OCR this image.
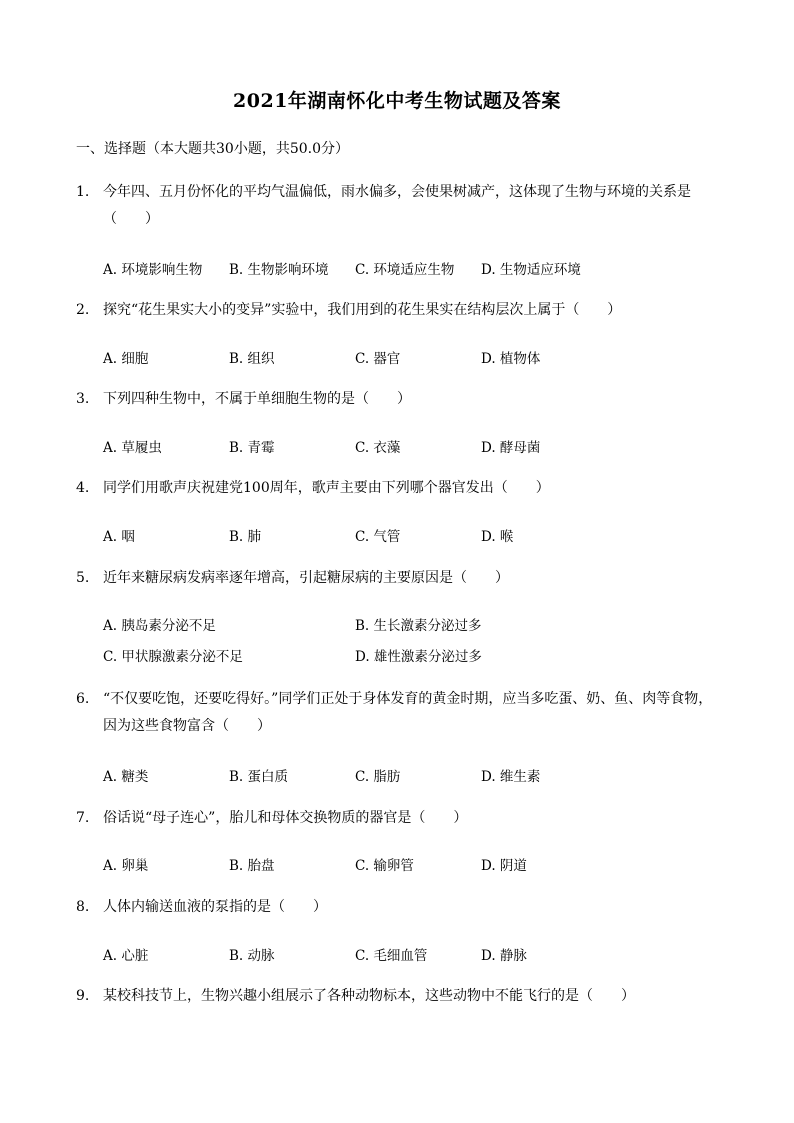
2021年湖南怀化中考生物试题及答案
一、选择题（本大题共30小题，共50.0分）
1. 今年四、五月份怀化的平均气温偏低，雨水偏多，会使果树减产，这体现了生物与环境的关系是（　　）
A. 环境影响生物 B. 生物影响环境 C. 环境适应生物 D. 生物适应环境
2. 探究“花生果实大小的变异”实验中，我们用到的花生果实在结构层次上属于（　　）
A. 细胞	B. 组织	C. 器官	D. 植物体
3. 下列四种生物中，不属于单细胞生物的是（　　）
A. 草履虫	B. 青霉	C. 衣藻	D. 酵母菌
4. 同学们用歌声庆祝建党100周年，歌声主要由下列哪个器官发出（　　）
A. 咽	B. 肺	C. 气管	D. 喉
5. 近年来糖尿病发病率逐年增高，引起糖尿病的主要原因是（　　）
A. 胰岛素分泌不足	B. 生长激素分泌过多
C. 甲状腺激素分泌不足	D. 雄性激素分泌过多
6. “不仅要吃饱，还要吃得好。”同学们正处于身体发育的黄金时期，应当多吃蛋、奶、鱼、肉等食物，因为这些食物富含（　　）
A. 糖类	B. 蛋白质	C. 脂肪	D. 维生素
7. 俗话说“母子连心”，胎儿和母体交换物质的器官是（　　）
A. 卵巢	B. 胎盘	C. 输卵管	D. 阴道
8. 人体内输送血液的泵指的是（　　）
A. 心脏	B. 动脉	C. 毛细血管	D. 静脉
9. 某校科技节上，生物兴趣小组展示了各种动物标本，这些动物中不能飞行的是（　　）
